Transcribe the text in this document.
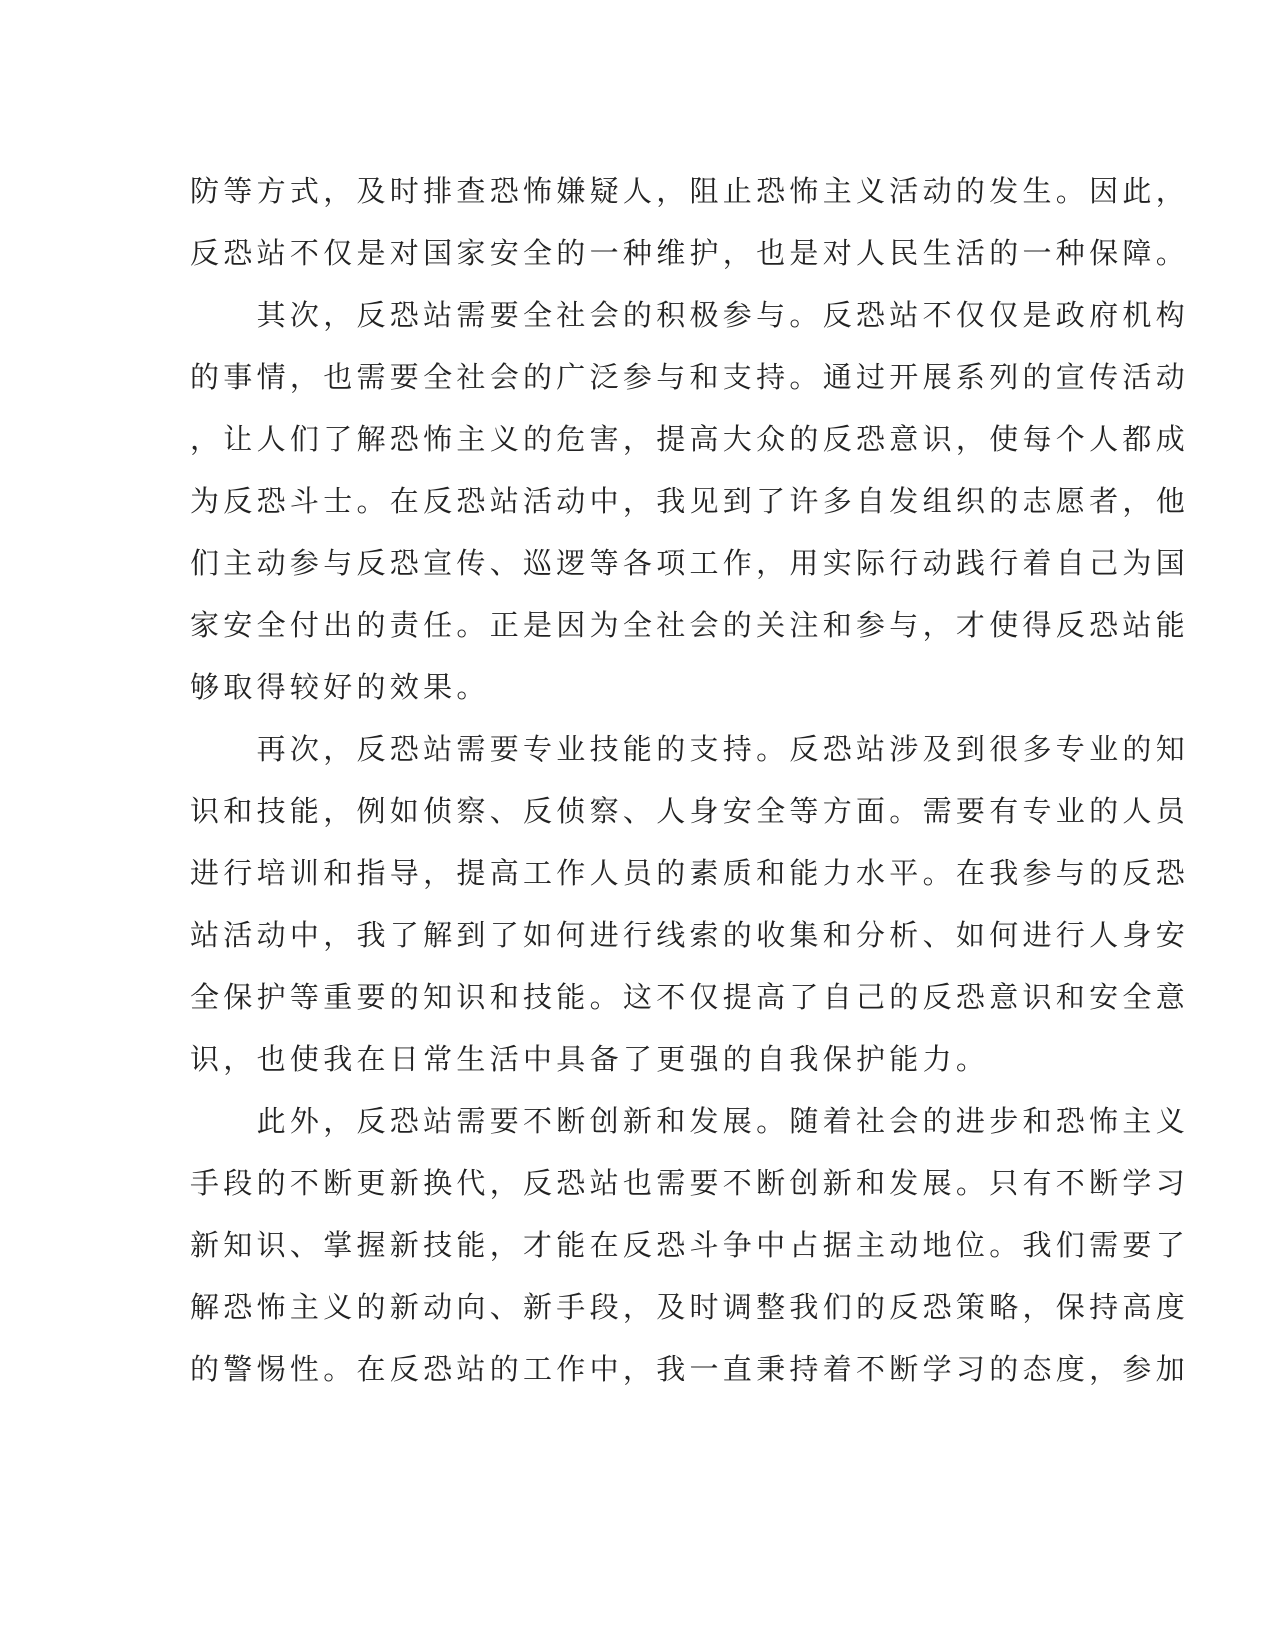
防等方式，及时排查恐怖嫌疑人，阻止恐怖主义活动的发生。因此，
反恐站不仅是对国家安全的一种维护，也是对人民生活的一种保障。
　　其次，反恐站需要全社会的积极参与。反恐站不仅仅是政府机构
的事情，也需要全社会的广泛参与和支持。通过开展系列的宣传活动
，让人们了解恐怖主义的危害，提高大众的反恐意识，使每个人都成
为反恐斗士。在反恐站活动中，我见到了许多自发组织的志愿者，他
们主动参与反恐宣传、巡逻等各项工作，用实际行动践行着自己为国
家安全付出的责任。正是因为全社会的关注和参与，才使得反恐站能
够取得较好的效果。
　　再次，反恐站需要专业技能的支持。反恐站涉及到很多专业的知
识和技能，例如侦察、反侦察、人身安全等方面。需要有专业的人员
进行培训和指导，提高工作人员的素质和能力水平。在我参与的反恐
站活动中，我了解到了如何进行线索的收集和分析、如何进行人身安
全保护等重要的知识和技能。这不仅提高了自己的反恐意识和安全意
识，也使我在日常生活中具备了更强的自我保护能力。
　　此外，反恐站需要不断创新和发展。随着社会的进步和恐怖主义
手段的不断更新换代，反恐站也需要不断创新和发展。只有不断学习
新知识、掌握新技能，才能在反恐斗争中占据主动地位。我们需要了
解恐怖主义的新动向、新手段，及时调整我们的反恐策略，保持高度
的警惕性。在反恐站的工作中，我一直秉持着不断学习的态度，参加
